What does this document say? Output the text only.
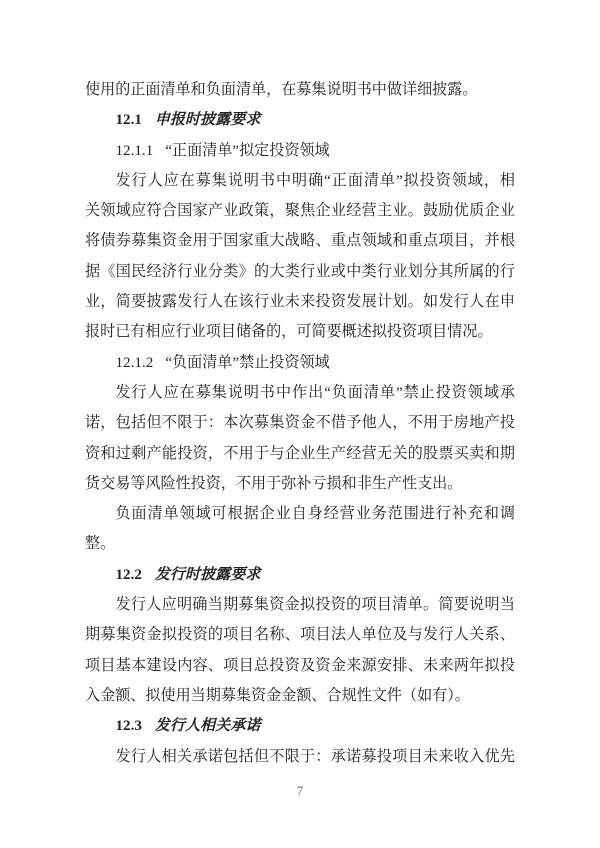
使用的正面清单和负面清单，在募集说明书中做详细披露。
12.1 申报时披露要求
12.1.1 “正面清单”拟定投资领域
发行人应在募集说明书中明确“正面清单”拟投资领域，相
关领域应符合国家产业政策，聚焦企业经营主业。鼓励优质企业
将债券募集资金用于国家重大战略、重点领域和重点项目，并根
据《国民经济行业分类》的大类行业或中类行业划分其所属的行
业，简要披露发行人在该行业未来投资发展计划。如发行人在申
报时已有相应行业项目储备的，可简要概述拟投资项目情况。
12.1.2 “负面清单”禁止投资领域
发行人应在募集说明书中作出“负面清单”禁止投资领域承
诺，包括但不限于：本次募集资金不借予他人，不用于房地产投
资和过剩产能投资，不用于与企业生产经营无关的股票买卖和期
货交易等风险性投资，不用于弥补亏损和非生产性支出。
负面清单领域可根据企业自身经营业务范围进行补充和调
整。
12.2 发行时披露要求
发行人应明确当期募集资金拟投资的项目清单。简要说明当
期募集资金拟投资的项目名称、项目法人单位及与发行人关系、
项目基本建设内容、项目总投资及资金来源安排、未来两年拟投
入金额、拟使用当期募集资金金额、合规性文件（如有）。
12.3 发行人相关承诺
发行人相关承诺包括但不限于：承诺募投项目未来收入优先
7
